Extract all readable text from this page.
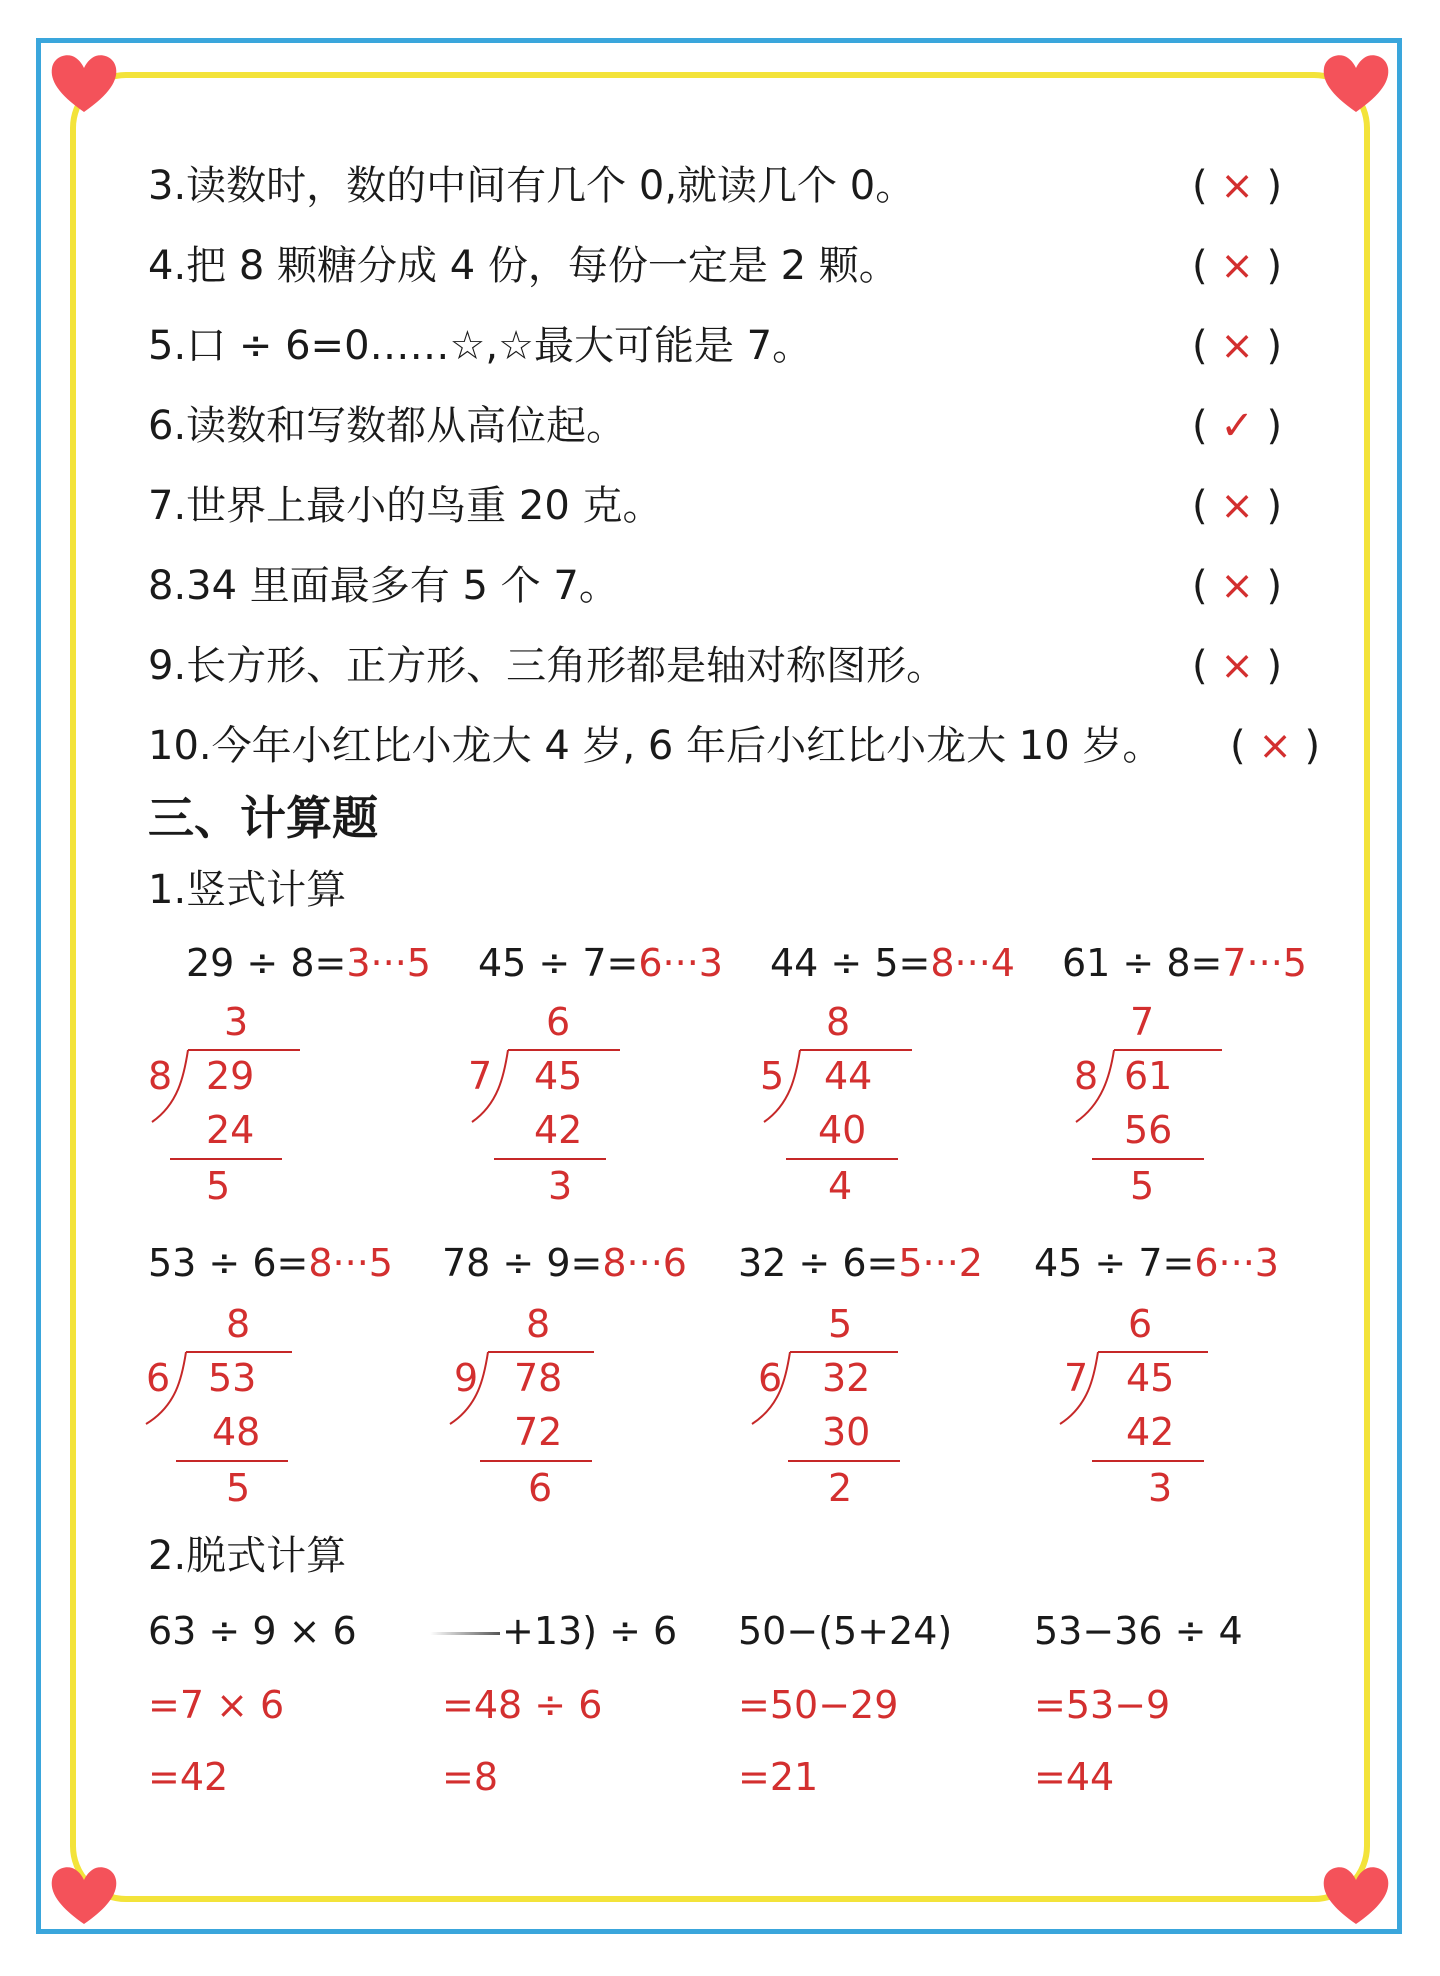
3.读数时，数的中间有几个 0,就读几个 0。	( × )
4.把 8 颗糖分成 4 份，每份一定是 2 颗。	( × )
5.口 ÷ 6=0……☆,☆最大可能是 7。	( × )
6.读数和写数都从高位起。	( ✓ )
7.世界上最小的鸟重 20 克。	( × )
8.34 里面最多有 5 个 7。	( × )
9.长方形、正方形、三角形都是轴对称图形。	( × )
10.今年小红比小龙大 4 岁, 6 年后小红比小龙大 10 岁。 ( × )
三、计算题
1.竖式计算
29 ÷ 8=3···5
3
8 29
24
5
45 ÷ 7=6···3
6
7 45
42
3
44 ÷ 5=8···4
8
5 44
40
4
61 ÷ 8=7···5
7
8 61
56
5
53 ÷ 6=8···5
8
6 53
48
5
78 ÷ 9=8···6
8
9 78
72
6
32 ÷ 6=5···2
5
6 32
30
2
45 ÷ 7=6···3
6
7 45
42
3
2.脱式计算
63 ÷ 9 × 6
=7 × 6
=42
+13) ÷ 6
=48 ÷ 6
=8
50−(5+24)
=50−29
=21
53−36 ÷ 4
=53−9
=44
